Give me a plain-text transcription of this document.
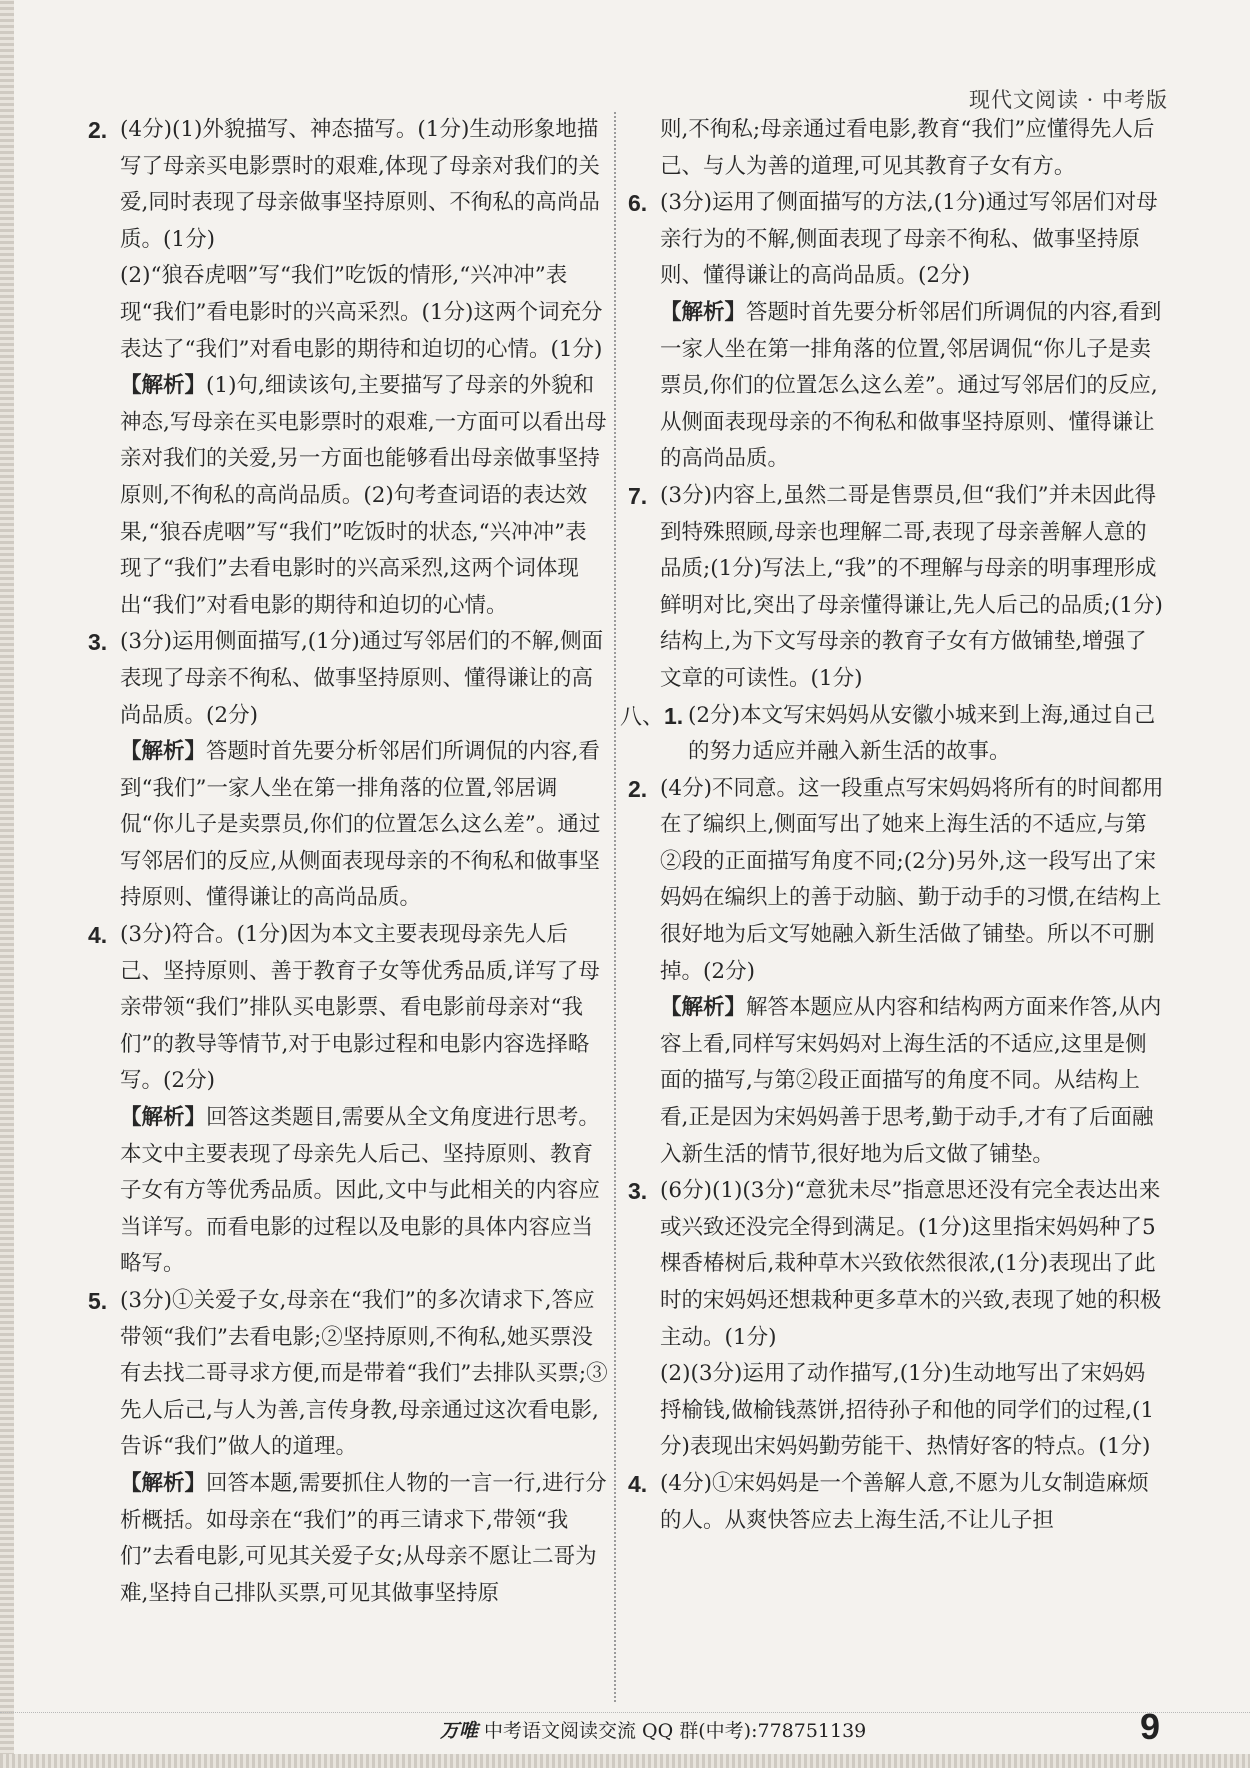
现代文阅读 · 中考版
2. (4分)(1)外貌描写、神态描写。(1分)生动形象地描写了母亲买电影票时的艰难,体现了母亲对我们的关爱,同时表现了母亲做事坚持原则、不徇私的高尚品质。(1分)
(2)“狼吞虎咽”写“我们”吃饭的情形,“兴冲冲”表现“我们”看电影时的兴高采烈。(1分)这两个词充分表达了“我们”对看电影的期待和迫切的心情。(1分)
【解析】(1)句,细读该句,主要描写了母亲的外貌和神态,写母亲在买电影票时的艰难,一方面可以看出母亲对我们的关爱,另一方面也能够看出母亲做事坚持原则,不徇私的高尚品质。(2)句考查词语的表达效果,“狼吞虎咽”写“我们”吃饭时的状态,“兴冲冲”表现了“我们”去看电影时的兴高采烈,这两个词体现出“我们”对看电影的期待和迫切的心情。
3. (3分)运用侧面描写,(1分)通过写邻居们的不解,侧面表现了母亲不徇私、做事坚持原则、懂得谦让的高尚品质。(2分)
【解析】答题时首先要分析邻居们所调侃的内容,看到“我们”一家人坐在第一排角落的位置,邻居调侃“你儿子是卖票员,你们的位置怎么这么差”。通过写邻居们的反应,从侧面表现母亲的不徇私和做事坚持原则、懂得谦让的高尚品质。
4. (3分)符合。(1分)因为本文主要表现母亲先人后己、坚持原则、善于教育子女等优秀品质,详写了母亲带领“我们”排队买电影票、看电影前母亲对“我们”的教导等情节,对于电影过程和电影内容选择略写。(2分)
【解析】回答这类题目,需要从全文角度进行思考。本文中主要表现了母亲先人后己、坚持原则、教育子女有方等优秀品质。因此,文中与此相关的内容应当详写。而看电影的过程以及电影的具体内容应当略写。
5. (3分)①关爱子女,母亲在“我们”的多次请求下,答应带领“我们”去看电影;②坚持原则,不徇私,她买票没有去找二哥寻求方便,而是带着“我们”去排队买票;③先人后己,与人为善,言传身教,母亲通过这次看电影,告诉“我们”做人的道理。
【解析】回答本题,需要抓住人物的一言一行,进行分析概括。如母亲在“我们”的再三请求下,带领“我们”去看电影,可见其关爱子女;从母亲不愿让二哥为难,坚持自己排队买票,可见其做事坚持原
则,不徇私;母亲通过看电影,教育“我们”应懂得先人后己、与人为善的道理,可见其教育子女有方。
6. (3分)运用了侧面描写的方法,(1分)通过写邻居们对母亲行为的不解,侧面表现了母亲不徇私、做事坚持原则、懂得谦让的高尚品质。(2分)
【解析】答题时首先要分析邻居们所调侃的内容,看到一家人坐在第一排角落的位置,邻居调侃“你儿子是卖票员,你们的位置怎么这么差”。通过写邻居们的反应,从侧面表现母亲的不徇私和做事坚持原则、懂得谦让的高尚品质。
7. (3分)内容上,虽然二哥是售票员,但“我们”并未因此得到特殊照顾,母亲也理解二哥,表现了母亲善解人意的品质;(1分)写法上,“我”的不理解与母亲的明事理形成鲜明对比,突出了母亲懂得谦让,先人后己的品质;(1分)结构上,为下文写母亲的教育子女有方做铺垫,增强了文章的可读性。(1分)
八、1. (2分)本文写宋妈妈从安徽小城来到上海,通过自己的努力适应并融入新生活的故事。
2. (4分)不同意。这一段重点写宋妈妈将所有的时间都用在了编织上,侧面写出了她来上海生活的不适应,与第②段的正面描写角度不同;(2分)另外,这一段写出了宋妈妈在编织上的善于动脑、勤于动手的习惯,在结构上很好地为后文写她融入新生活做了铺垫。所以不可删掉。(2分)
【解析】解答本题应从内容和结构两方面来作答,从内容上看,同样写宋妈妈对上海生活的不适应,这里是侧面的描写,与第②段正面描写的角度不同。从结构上看,正是因为宋妈妈善于思考,勤于动手,才有了后面融入新生活的情节,很好地为后文做了铺垫。
3. (6分)(1)(3分)“意犹未尽”指意思还没有完全表达出来或兴致还没完全得到满足。(1分)这里指宋妈妈种了5棵香椿树后,栽种草木兴致依然很浓,(1分)表现出了此时的宋妈妈还想栽种更多草木的兴致,表现了她的积极主动。(1分)
(2)(3分)运用了动作描写,(1分)生动地写出了宋妈妈捋榆钱,做榆钱蒸饼,招待孙子和他的同学们的过程,(1分)表现出宋妈妈勤劳能干、热情好客的特点。(1分)
4. (4分)①宋妈妈是一个善解人意,不愿为儿女制造麻烦的人。从爽快答应去上海生活,不让儿子担
万唯 中考语文阅读交流 QQ 群(中考):778751139	9
